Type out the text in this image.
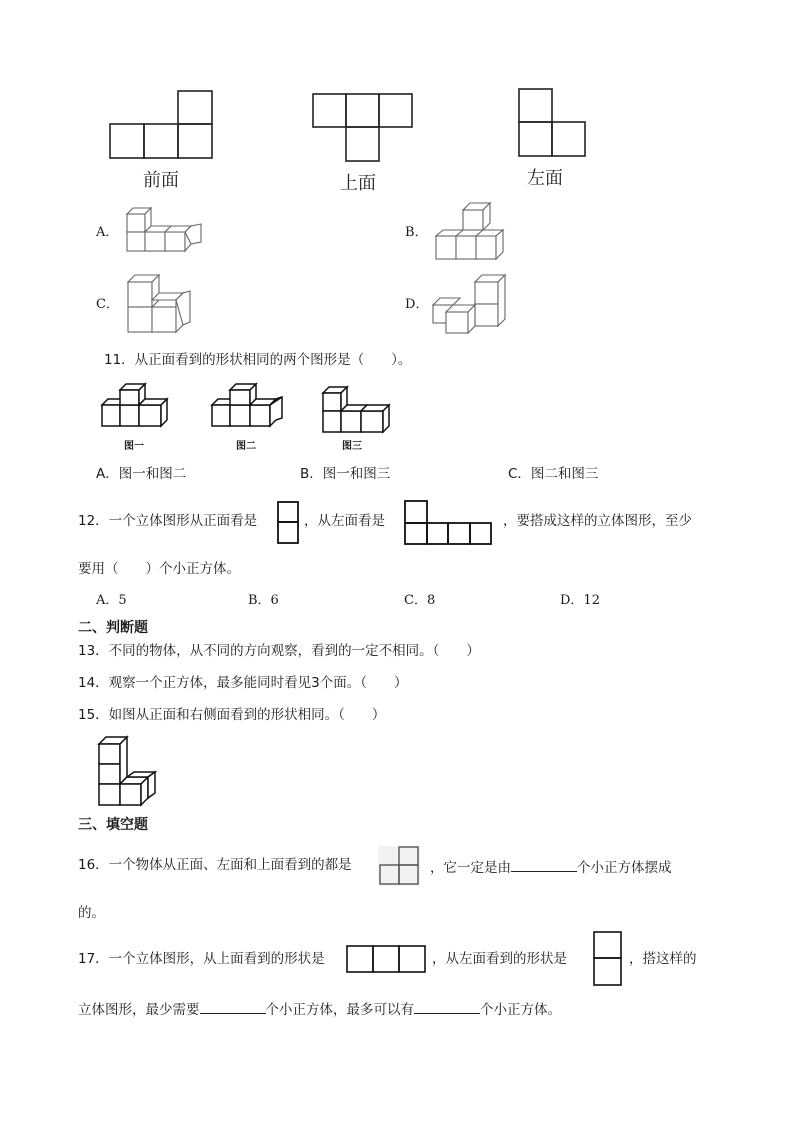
前面	上面	左面
A．	B．
C．	D．
11．从正面看到的形状相同的两个图形是（　　）。
图一	图二	图三
A．图一和图二	B．图一和图三	C．图二和图三
12．一个立体图形从正面看是	，从左面看是	，要搭成这样的立体图形，至少
要用（　　）个小正方体。
A．5	B．6	C．8	D．12
二、判断题
13．不同的物体，从不同的方向观察，看到的一定不相同。（　　）
14．观察一个正方体，最多能同时看见3个面。（　　）
15．如图从正面和右侧面看到的形状相同。（　　）
三、填空题
16．一个物体从正面、左面和上面看到的都是	，它一定是由	个小正方体摆成
的。
17．一个立体图形，从上面看到的形状是	，从左面看到的形状是	，搭这样的
立体图形，最少需要	个小正方体，最多可以有	个小正方体。
